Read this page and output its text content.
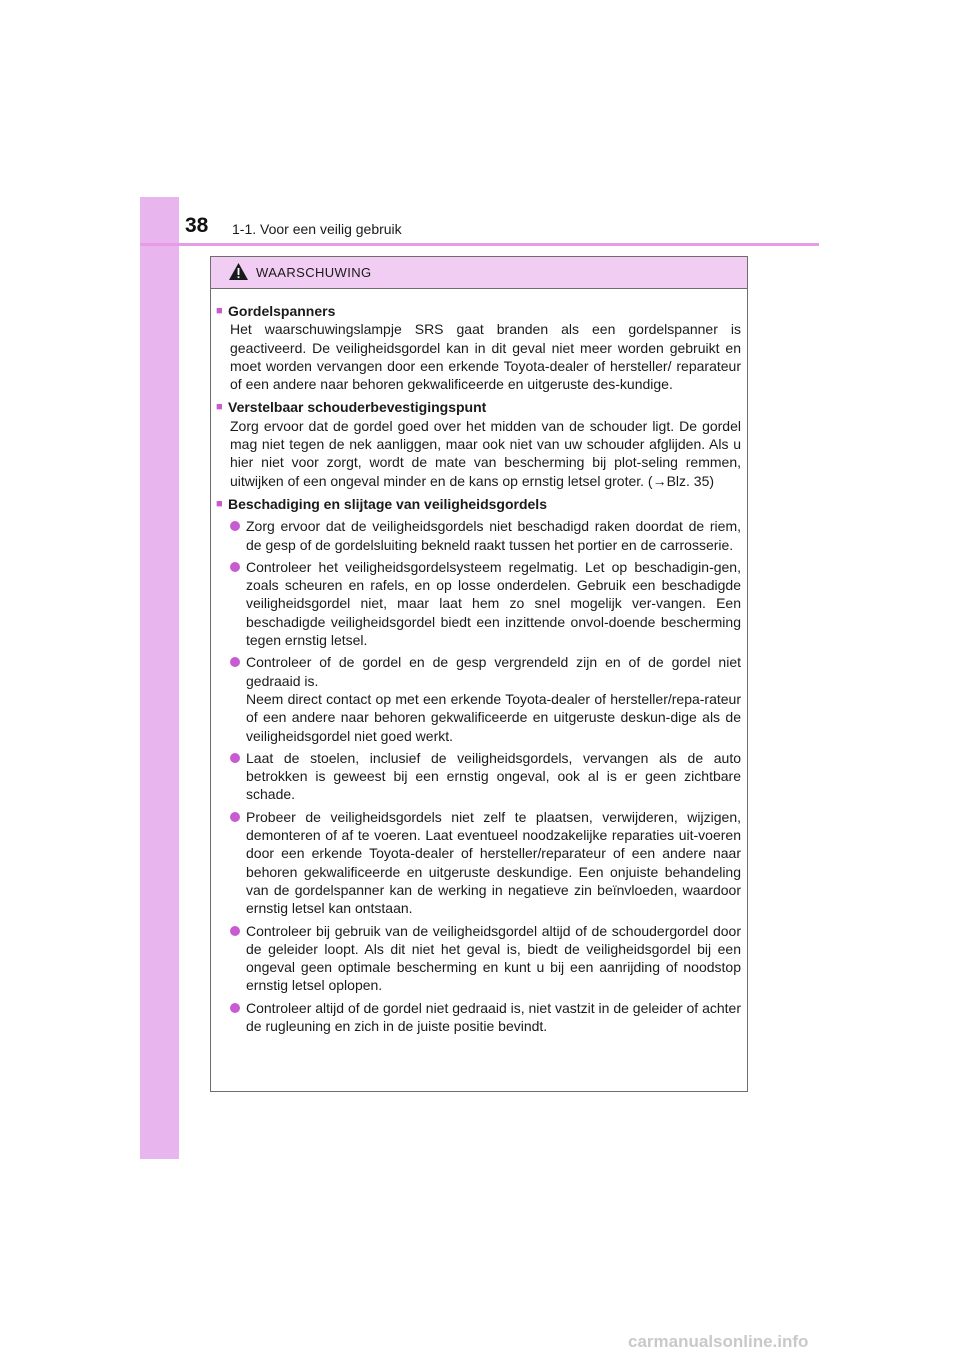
38 1-1. Voor een veilig gebruik
WAARSCHUWING
■ Gordelspanners

Het waarschuwingslampje SRS gaat branden als een gordelspanner is geactiveerd. De veiligheidsgordel kan in dit geval niet meer worden gebruikt en moet worden vervangen door een erkende Toyota-dealer of hersteller/ reparateur of een andere naar behoren gekwalificeerde en uitgeruste des-kundige.

■ Verstelbaar schouderbevestigingspunt

Zorg ervoor dat de gordel goed over het midden van de schouder ligt. De gordel mag niet tegen de nek aanliggen, maar ook niet van uw schouder afglijden. Als u hier niet voor zorgt, wordt de mate van bescherming bij plot-seling remmen, uitwijken of een ongeval minder en de kans op ernstig letsel groter. (→Blz. 35)

■ Beschadiging en slijtage van veiligheidsgordels

Zorg ervoor dat de veiligheidsgordels niet beschadigd raken doordat de riem, de gesp of de gordelsluiting bekneld raakt tussen het portier en de carrosserie.

Controleer het veiligheidsgordelsysteem regelmatig. Let op beschadigin-gen, zoals scheuren en rafels, en op losse onderdelen. Gebruik een beschadigde veiligheidsgordel niet, maar laat hem zo snel mogelijk ver-vangen. Een beschadigde veiligheidsgordel biedt een inzittende onvol-doende bescherming tegen ernstig letsel.

Controleer of de gordel en de gesp vergrendeld zijn en of de gordel niet gedraaid is.

Neem direct contact op met een erkende Toyota-dealer of hersteller/repa-rateur of een andere naar behoren gekwalificeerde en uitgeruste deskun-dige als de veiligheidsgordel niet goed werkt.

Laat de stoelen, inclusief de veiligheidsgordels, vervangen als de auto betrokken is geweest bij een ernstig ongeval, ook al is er geen zichtbare schade.

Probeer de veiligheidsgordels niet zelf te plaatsen, verwijderen, wijzigen, demonteren of af te voeren. Laat eventueel noodzakelijke reparaties uit-voeren door een erkende Toyota-dealer of hersteller/reparateur of een andere naar behoren gekwalificeerde en uitgeruste deskundige. Een onjuiste behandeling van de gordelspanner kan de werking in negatieve zin beïnvloeden, waardoor ernstig letsel kan ontstaan.

Controleer bij gebruik van de veiligheidsgordel altijd of de schoudergordel door de geleider loopt. Als dit niet het geval is, biedt de veiligheidsgordel bij een ongeval geen optimale bescherming en kunt u bij een aanrijding of noodstop ernstig letsel oplopen.

Controleer altijd of de gordel niet gedraaid is, niet vastzit in de geleider of achter de rugleuning en zich in de juiste positie bevindt.

carmanualsonline.info
